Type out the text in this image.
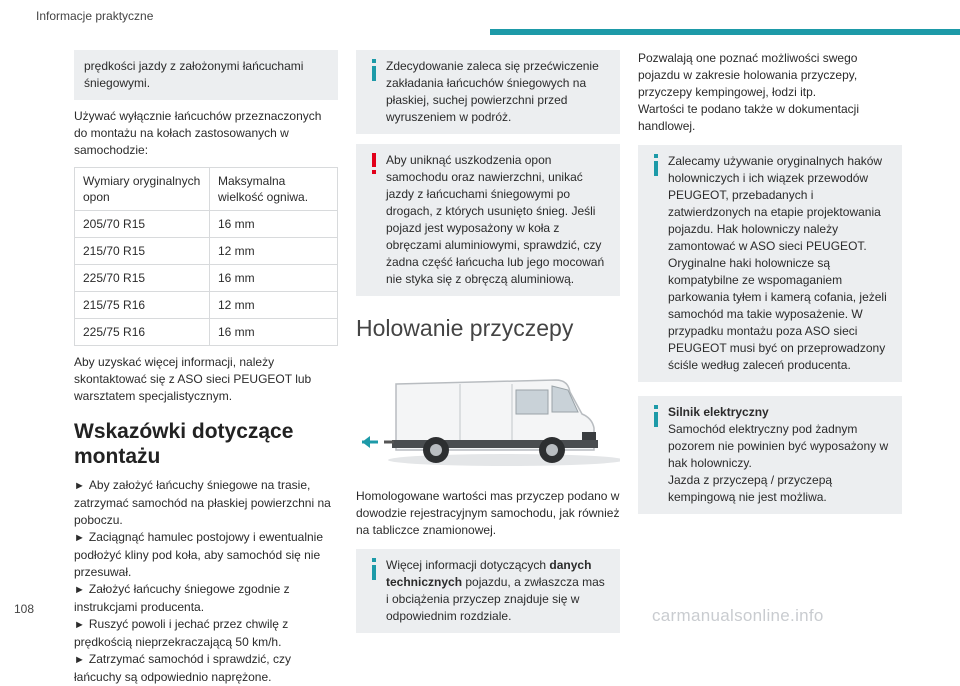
Informacje praktyczne

prędkości jazdy z założonymi łańcuchami śniegowymi.

Używać wyłącznie łańcuchów przeznaczonych do montażu na kołach zastosowanych w samochodzie:

Wymiary oryginalnych opon	Maksymalna wielkość ogniwa.
205/70 R15	16 mm
215/70 R15	12 mm
225/70 R15	16 mm
215/75 R16	12 mm
225/75 R16	16 mm

Aby uzyskać więcej informacji, należy skontaktować się z ASO sieci PEUGEOT lub warsztatem specjalistycznym.

Wskazówki dotyczące montażu
► Aby założyć łańcuchy śniegowe na trasie, zatrzymać samochód na płaskiej powierzchni na poboczu.
► Zaciągnąć hamulec postojowy i ewentualnie podłożyć kliny pod koła, aby samochód się nie przesuwał.
► Założyć łańcuchy śniegowe zgodnie z instrukcjami producenta.
► Ruszyć powoli i jechać przez chwilę z prędkością nieprzekraczającą 50 km/h.
► Zatrzymać samochód i sprawdzić, czy łańcuchy są odpowiednio naprężone.

Zdecydowanie zaleca się przećwiczenie zakładania łańcuchów śniegowych na płaskiej, suchej powierzchni przed wyruszeniem w podróż.

Aby uniknąć uszkodzenia opon samochodu oraz nawierzchni, unikać jazdy z łańcuchami śniegowymi po drogach, z których usunięto śnieg. Jeśli pojazd jest wyposażony w koła z obręczami aluminiowymi, sprawdzić, czy żadna część łańcucha lub jego mocowań nie styka się z obręczą aluminiową.

Holowanie przyczepy

Homologowane wartości mas przyczep podano w dowodzie rejestracyjnym samochodu, jak również na tabliczce znamionowej.

Więcej informacji dotyczących danych technicznych pojazdu, a zwłaszcza mas i obciążenia przyczep znajduje się w odpowiednim rozdziale.

Pozwalają one poznać możliwości swego pojazdu w zakresie holowania przyczepy, przyczepy kempingowej, łodzi itp.

Wartości te podano także w dokumentacji handlowej.

Zalecamy używanie oryginalnych haków holowniczych i ich wiązek przewodów PEUGEOT, przebadanych i zatwierdzonych na etapie projektowania pojazdu. Hak holowniczy należy zamontować w ASO sieci PEUGEOT. Oryginalne haki holownicze są kompatybilne ze wspomaganiem parkowania tyłem i kamerą cofania, jeżeli samochód ma takie wyposażenie. W przypadku montażu poza ASO sieci PEUGEOT musi być on przeprowadzony ściśle według zaleceń producenta.

Silnik elektryczny

Samochód elektryczny pod żadnym pozorem nie powinien być wyposażony w hak holowniczy.

Jazda z przyczepą / przyczepą kempingową nie jest możliwa.

108	carmanualsonline.info
